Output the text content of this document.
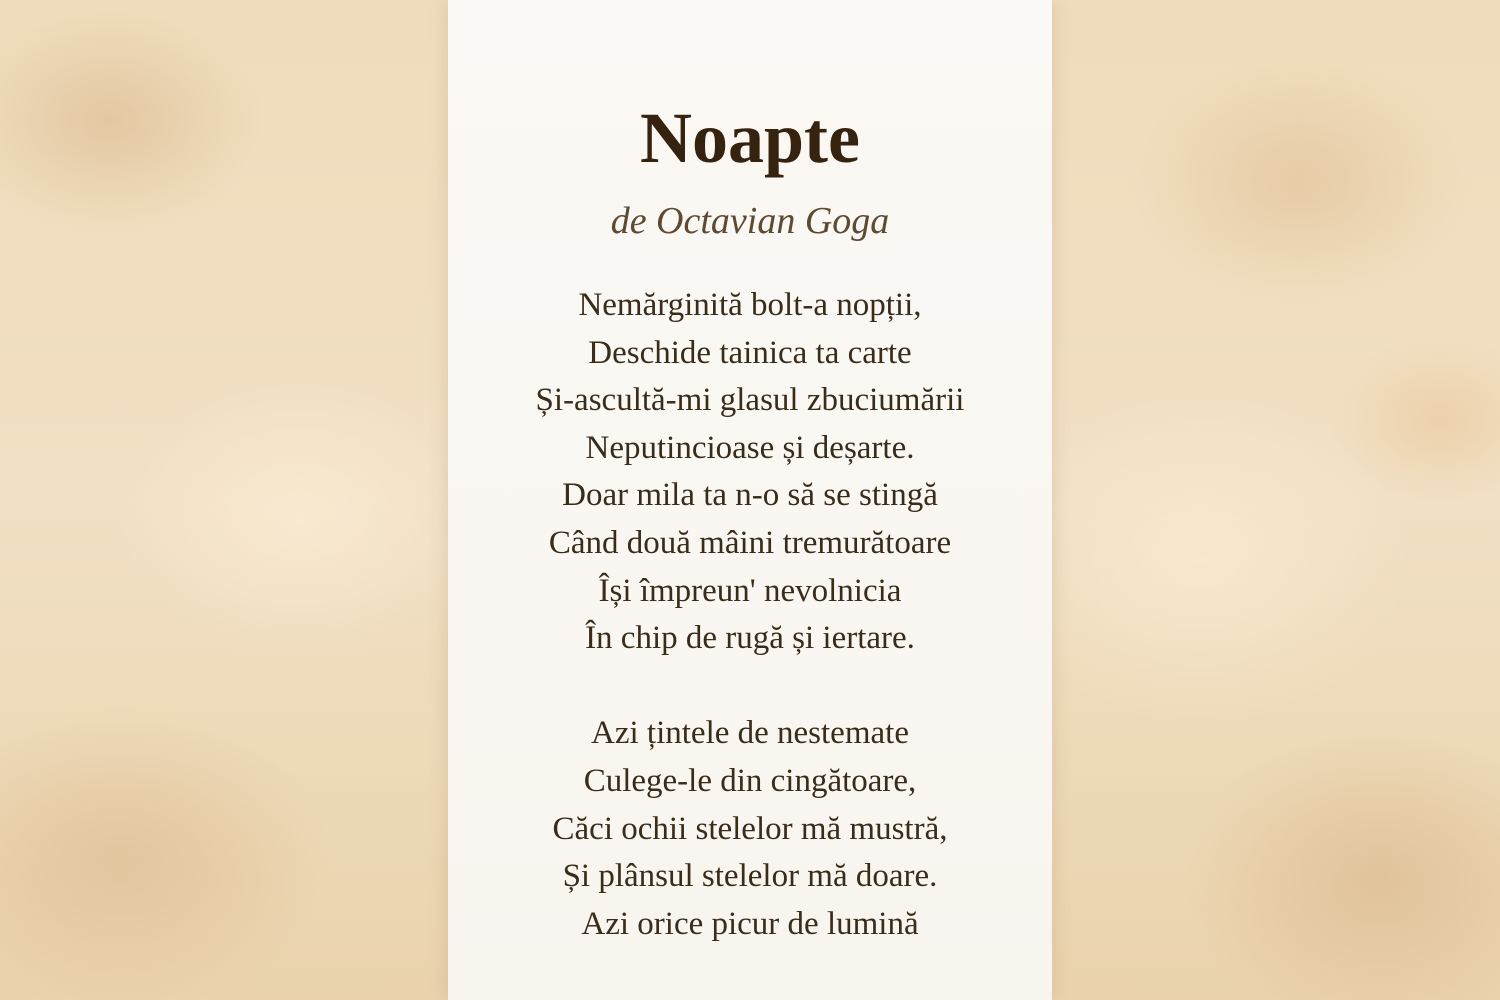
Noapte

de Octavian Goga

Nemărginită bolt-a nopții,
Deschide tainica ta carte
Și-ascultă-mi glasul zbuciumării
Neputincioase și deșarte.
Doar mila ta n-o să se stingă
Când două mâini tremurătoare
Își împreun' nevolnicia
În chip de rugă și iertare.
Azi țintele de nestemate
Culege-le din cingătoare,
Căci ochii stelelor mă mustră,
Și plânsul stelelor mă doare.
Azi orice picur de lumină
